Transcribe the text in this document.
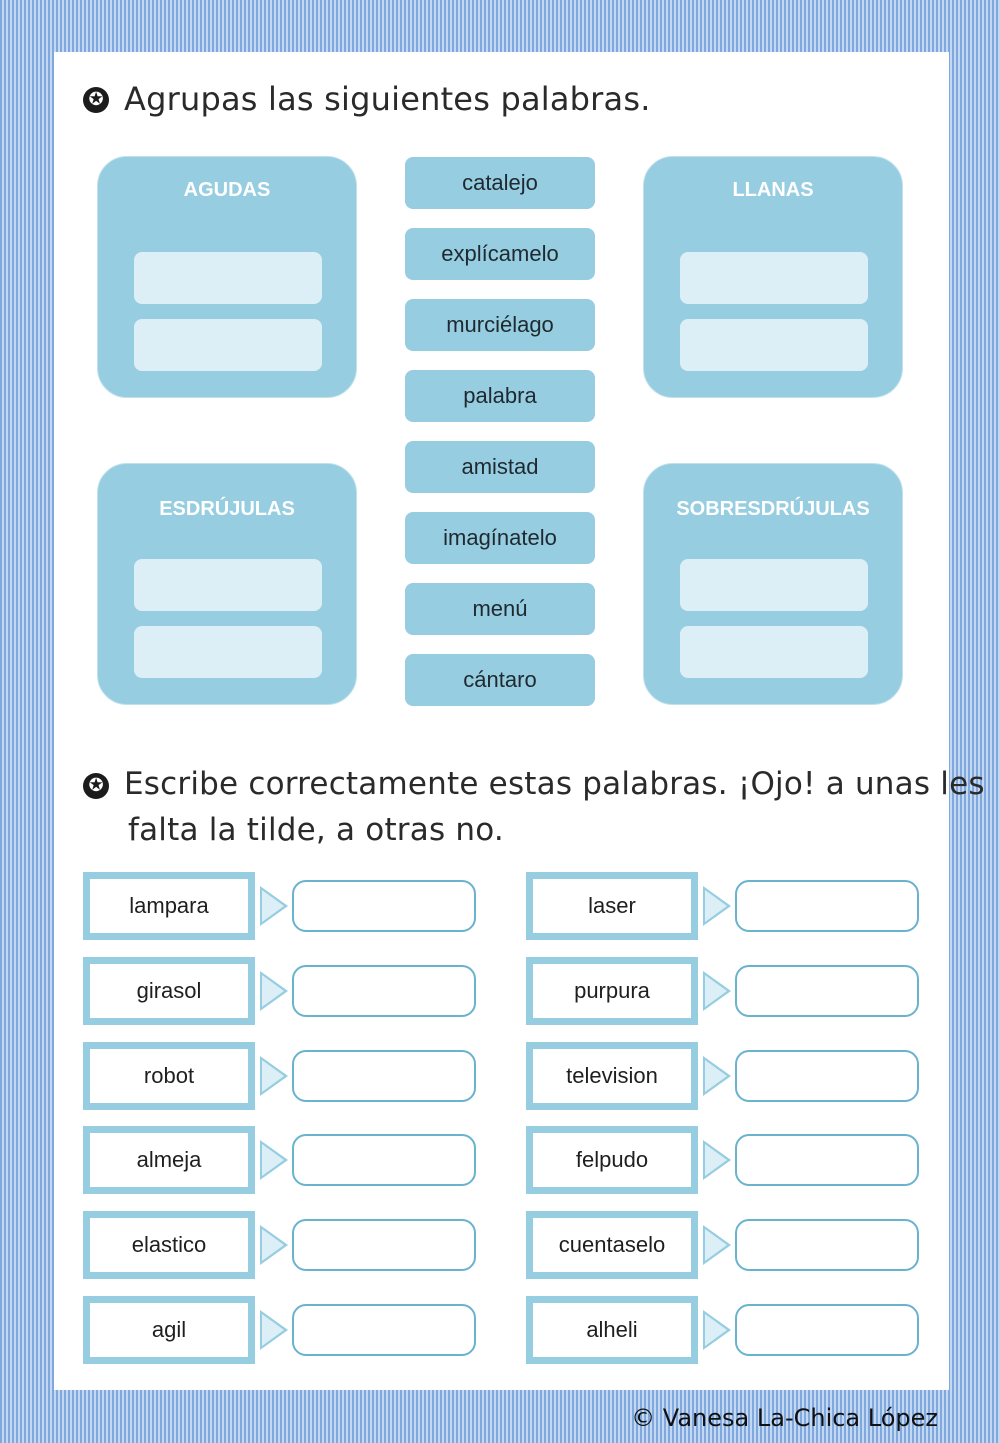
✪ Agrupas las siguientes palabras.
AGUDAS	LLANAS
ESDRÚJULAS	SOBRESDRÚJULAS
catalejo
explícamelo
murciélago
palabra
amistad
imagínatelo
menú
cántaro
✪ Escribe correctamente estas palabras. ¡Ojo! a unas les
falta la tilde, a otras no.
lampara
girasol
robot
almeja
elastico
agil
laser
purpura
television
felpudo
cuentaselo
alheli
© Vanesa La-Chica López
